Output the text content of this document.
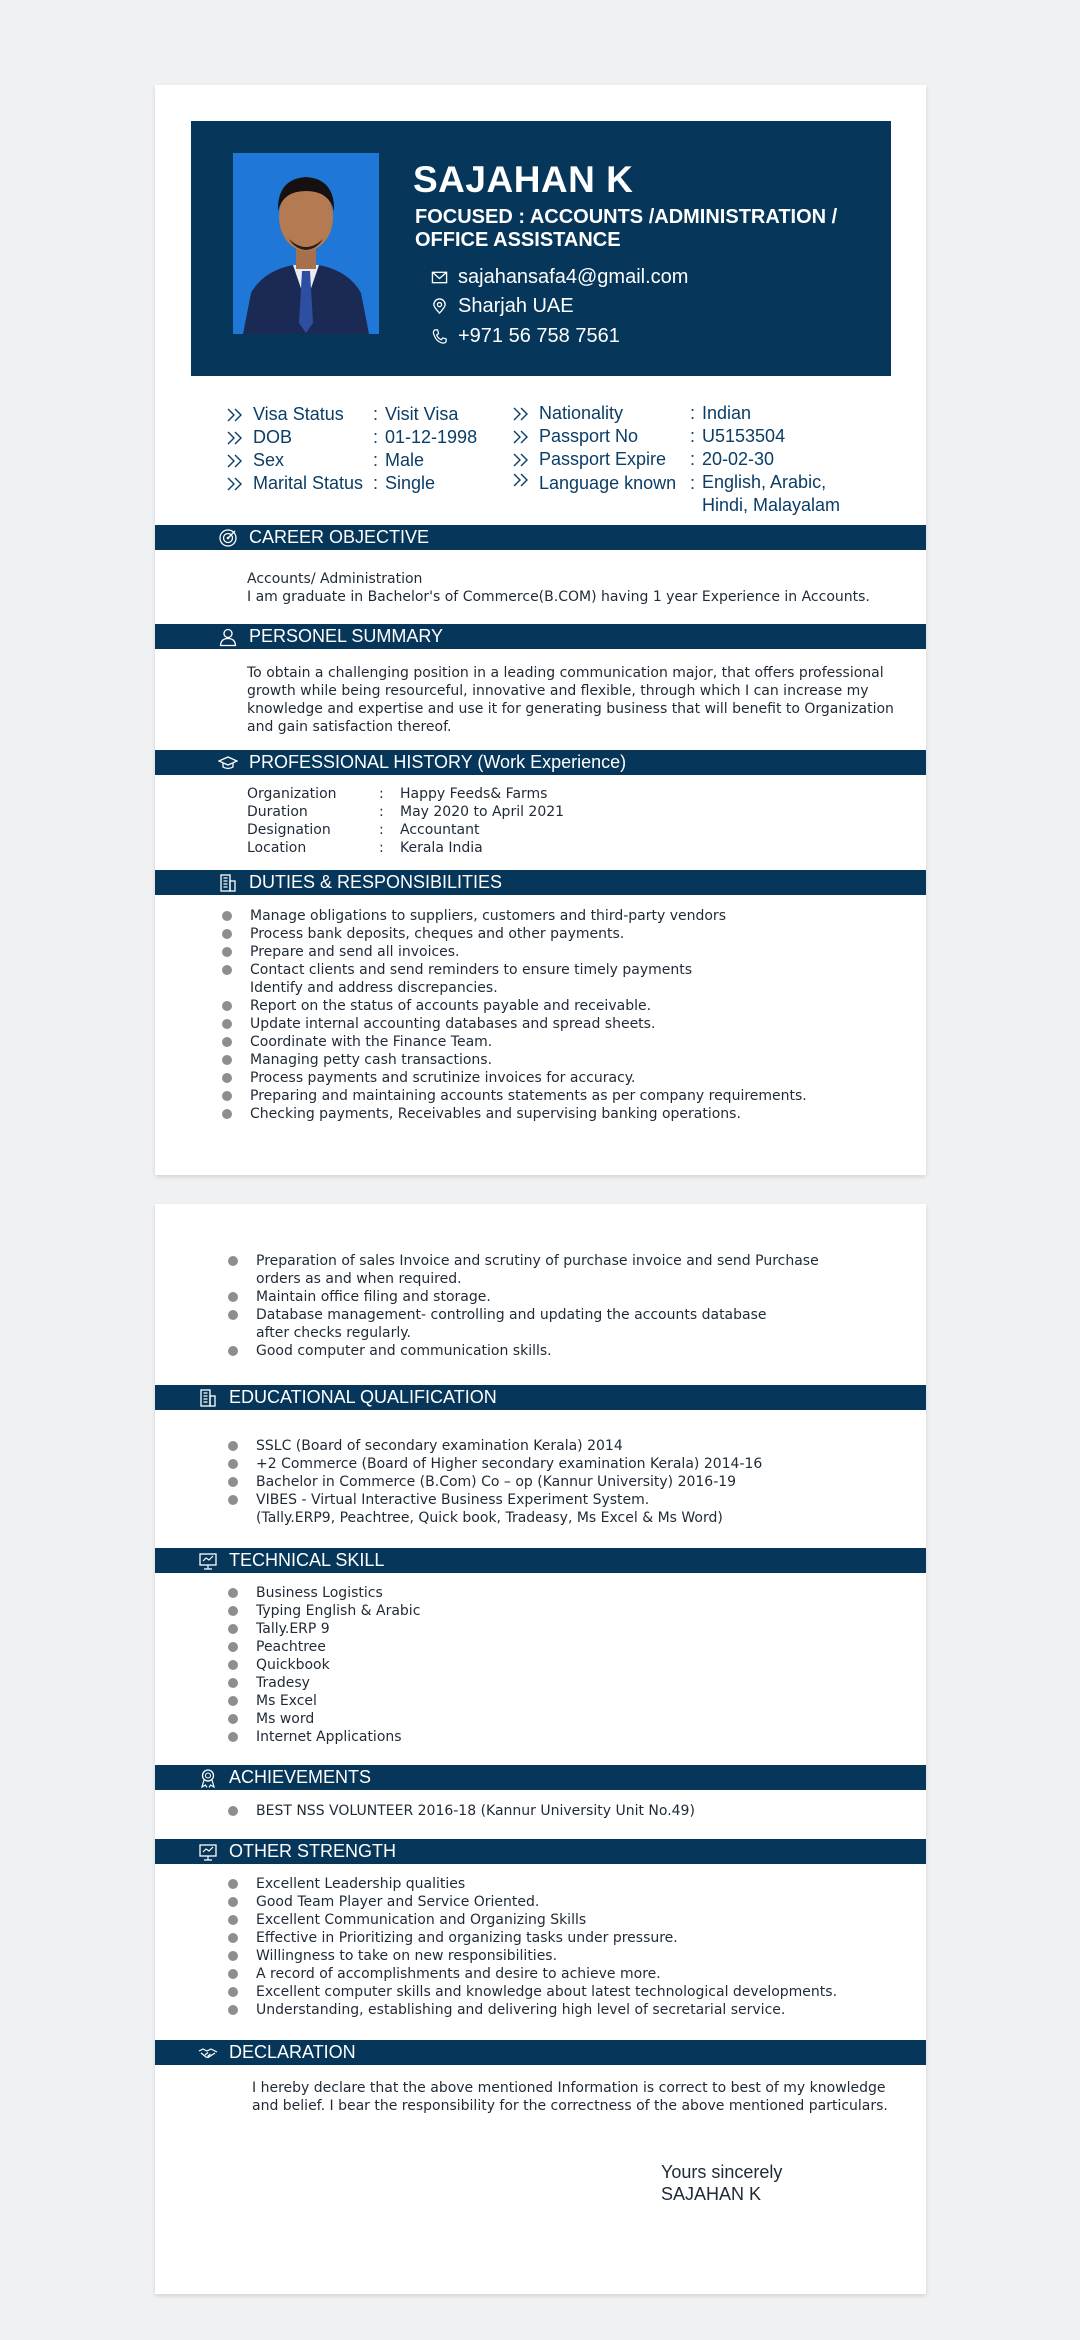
SAJAHAN K
FOCUSED : ACCOUNTS /ADMINISTRATION / OFFICE ASSISTANCE
sajahansafa4@gmail.com
Sharjah UAE
+971 56 758 7561
Visa Status	: Visit Visa
DOB	: 01-12-1998
Sex	: Male
Marital Status : Single
Nationality	: Indian
Passport No	: U5153504
Passport Expire	: 20-02-30
Language known : English, Arabic, Hindi, Malayalam
CAREER OBJECTIVE
Accounts/ Administration
I am graduate in Bachelor's of Commerce(B.COM) having 1 year Experience in Accounts.
PERSONEL SUMMARY
To obtain a challenging position in a leading communication major, that offers professional growth while being resourceful, innovative and flexible, through which I can increase my knowledge and expertise and use it for generating business that will benefit to Organization and gain satisfaction thereof.
PROFESSIONAL HISTORY (Work Experience)
Organization	:	Happy Feeds& Farms
Duration	:	May 2020 to April 2021
Designation	:	Accountant
Location	:	Kerala India
DUTIES & RESPONSIBILITIES
Manage obligations to suppliers, customers and third-party vendors
Process bank deposits, cheques and other payments.
Prepare and send all invoices.
Contact clients and send reminders to ensure timely payments
Identify and address discrepancies.
Report on the status of accounts payable and receivable.
Update internal accounting databases and spread sheets.
Coordinate with the Finance Team.
Managing petty cash transactions.
Process payments and scrutinize invoices for accuracy.
Preparing and maintaining accounts statements as per company requirements.
Checking payments, Receivables and supervising banking operations.
Preparation of sales Invoice and scrutiny of purchase invoice and send Purchase
orders as and when required.
Maintain office filing and storage.
Database management- controlling and updating the accounts database
after checks regularly.
Good computer and communication skills.
EDUCATIONAL QUALIFICATION
SSLC (Board of secondary examination Kerala) 2014
+2 Commerce (Board of Higher secondary examination Kerala) 2014-16
Bachelor in Commerce (B.Com) Co – op (Kannur University) 2016-19
VIBES - Virtual Interactive Business Experiment System.
(Tally.ERP9, Peachtree, Quick book, Tradeasy, Ms Excel & Ms Word)
TECHNICAL SKILL
Business Logistics
Typing English & Arabic
Tally.ERP 9
Peachtree
Quickbook
Tradesy
Ms Excel
Ms word
Internet Applications
ACHIEVEMENTS
BEST NSS VOLUNTEER 2016-18 (Kannur University Unit No.49)
OTHER STRENGTH
Excellent Leadership qualities
Good Team Player and Service Oriented.
Excellent Communication and Organizing Skills
Effective in Prioritizing and organizing tasks under pressure.
Willingness to take on new responsibilities.
A record of accomplishments and desire to achieve more.
Excellent computer skills and knowledge about latest technological developments.
Understanding, establishing and delivering high level of secretarial service.
DECLARATION
I hereby declare that the above mentioned Information is correct to best of my knowledge and belief. I bear the responsibility for the correctness of the above mentioned particulars.
Yours sincerely
SAJAHAN K
